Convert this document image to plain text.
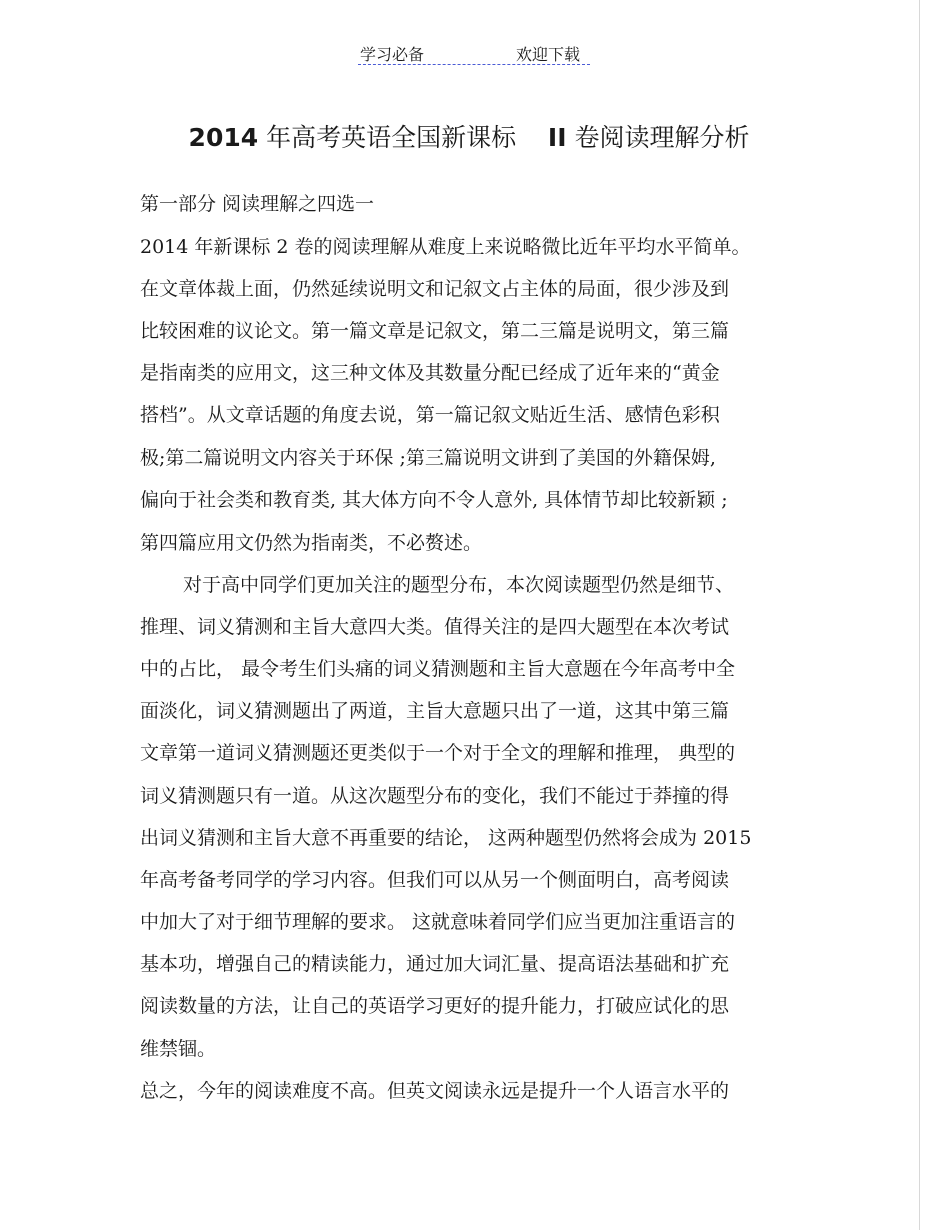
学习必备	欢迎下载
2014 年高考英语全国新课标 II 卷阅读理解分析
第一部分 阅读理解之四选一
2014 年新课标 2 卷的阅读理解从难度上来说略微比近年平均水平简单。
在文章体裁上面，仍然延续说明文和记叙文占主体的局面，很少涉及到
比较困难的议论文。第一篇文章是记叙文，第二三篇是说明文，第三篇
是指南类的应用文，这三种文体及其数量分配已经成了近年来的“黄金
搭档”。从文章话题的角度去说，第一篇记叙文贴近生活、感情色彩积
极;第二篇说明文内容关于环保 ;第三篇说明文讲到了美国的外籍保姆,
偏向于社会类和教育类, 其大体方向不令人意外, 具体情节却比较新颖 ;
第四篇应用文仍然为指南类，不必赘述。
对于高中同学们更加关注的题型分布，本次阅读题型仍然是细节、
推理、词义猜测和主旨大意四大类。值得关注的是四大题型在本次考试
中的占比， 最令考生们头痛的词义猜测题和主旨大意题在今年高考中全
面淡化，词义猜测题出了两道，主旨大意题只出了一道，这其中第三篇
文章第一道词义猜测题还更类似于一个对于全文的理解和推理， 典型的
词义猜测题只有一道。从这次题型分布的变化，我们不能过于莽撞的得
出词义猜测和主旨大意不再重要的结论， 这两种题型仍然将会成为 2015
年高考备考同学的学习内容。但我们可以从另一个侧面明白，高考阅读
中加大了对于细节理解的要求。 这就意味着同学们应当更加注重语言的
基本功，增强自己的精读能力，通过加大词汇量、提高语法基础和扩充
阅读数量的方法，让自己的英语学习更好的提升能力，打破应试化的思
维禁锢。
总之，今年的阅读难度不高。但英文阅读永远是提升一个人语言水平的
